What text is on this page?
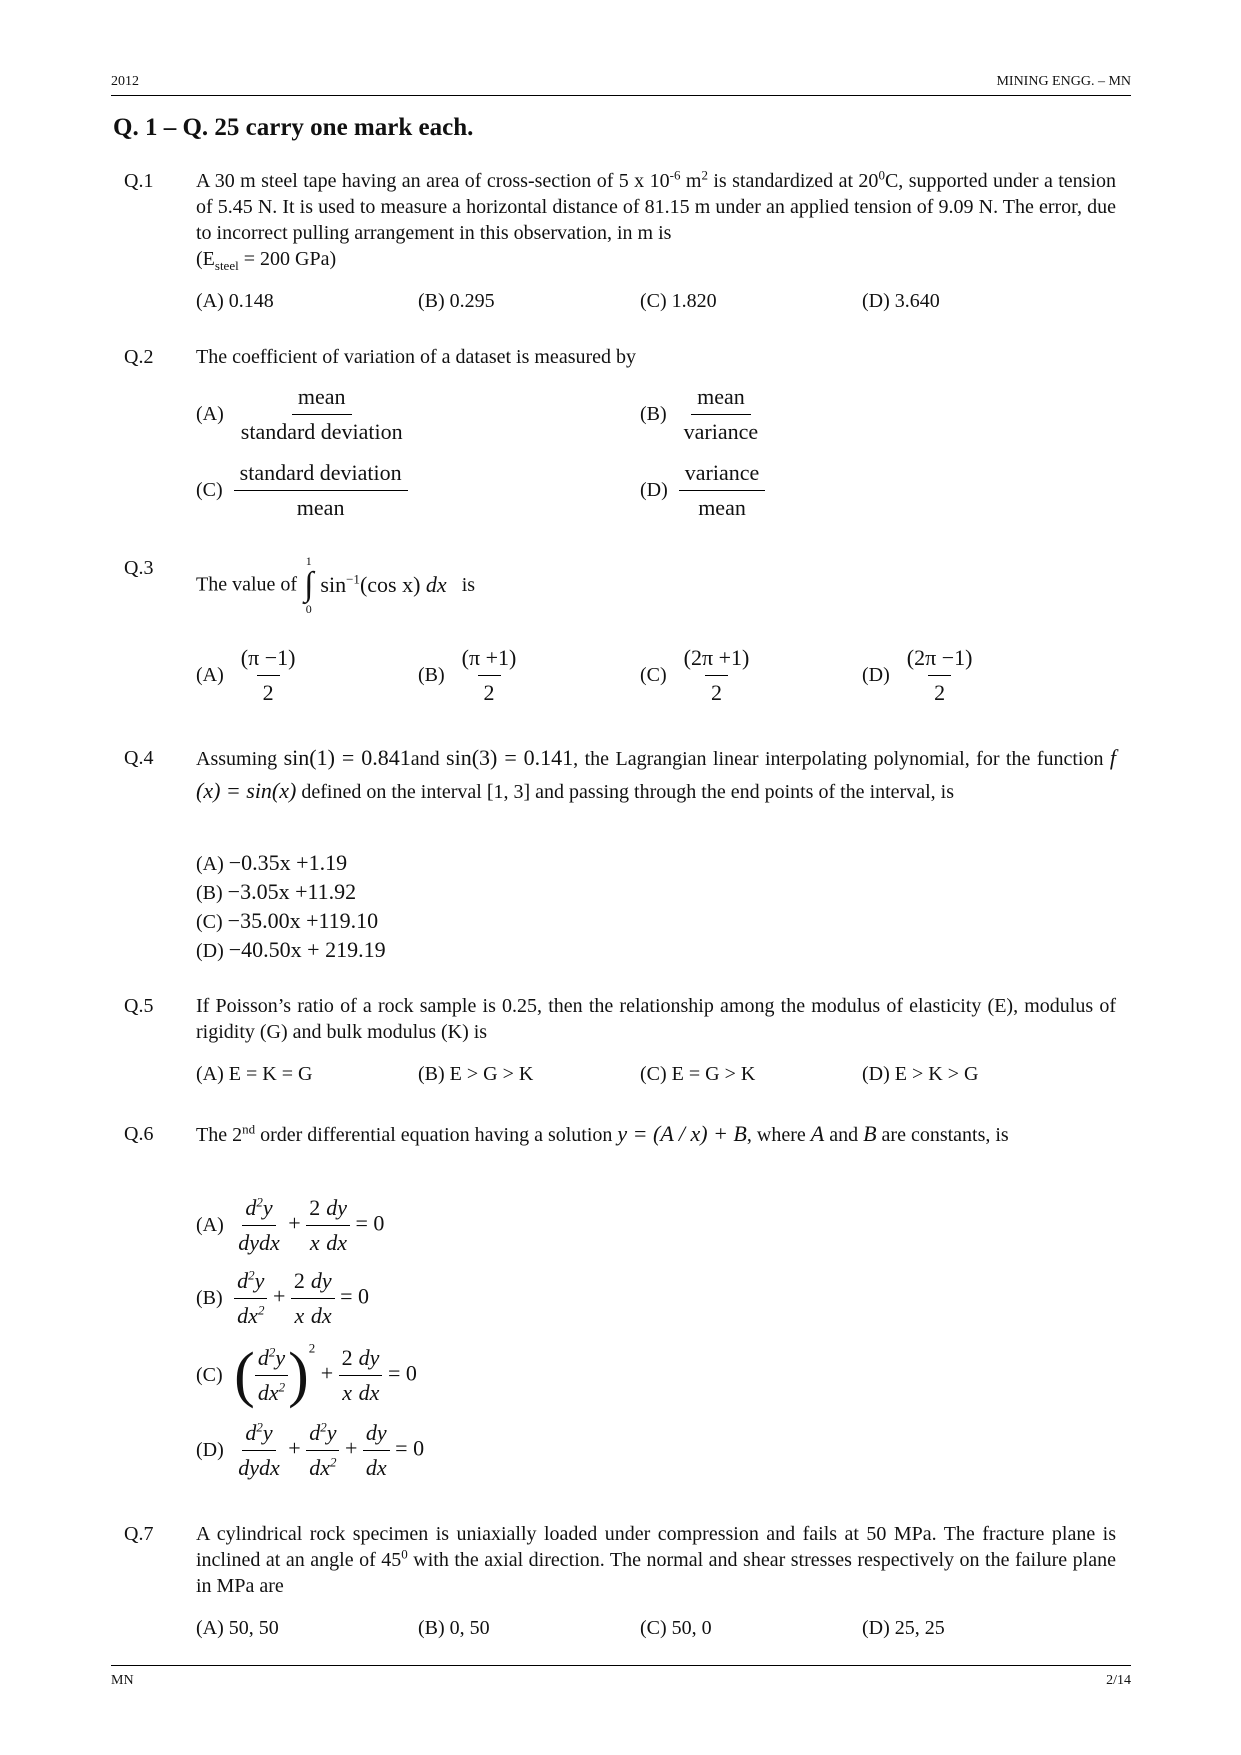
2012	MINING ENGG. – MN
Q. 1 – Q. 25 carry one mark each.
Q.1 A 30 m steel tape having an area of cross-section of 5 x $10^{-6}$ $m^2$ is standardized at $20^0C$, supported under a tension of 5.45 N. It is used to measure a horizontal distance of 81.15 m under an applied tension of 9.09 N. The error, due to incorrect pulling arrangement in this observation, in m is
($E_{steel} = 200$ GPa)
(A) 0.148	(B) 0.295	(C) 1.820	(D) 3.640
Q.2 The coefficient of variation of a dataset is measured by
$(A) \frac{\text{mean}}{\text{standard deviation}}$	$(B) \frac{\text{mean}}{\text{variance}}$
$(C) \frac{\text{standard deviation}}{\text{mean}}$	$(D) \frac{\text{variance}}{\text{mean}}$
Q.3
The value of
1
∫
0
$\sin^{-1}(\cos$ x) dx is
$(A) \frac{(\pi -1)}{2}$	$(B) \frac{(\pi +1)}{2}$	$(C) \frac{(2\pi +1)}{2}$	$(D) \frac{(2\pi -1)}{2}$
Q.4 Assuming sin(1) = 0.841and sin(3) = 0.141, the Lagrangian linear interpolating polynomial, for the function f (x) = sin(x) defined on the interval [1, 3] and passing through the end points of the interval, is
(A) −0.35x +1.19
(B) −3.05x +11.92
(C) −35.00x +119.10
(D) −40.50x + 219.19
Q.5 If Poisson’s ratio of a rock sample is 0.25, then the relationship among the modulus of elasticity (E), modulus of rigidity (G) and bulk modulus (K) is
(A) E = K = G	(B) E > G > K	(C) E = G > K	(D) E > K > G
Q.6 The 2nd order differential equation having a solution y = (A / x) + B, where A and B are constants, is
$(A) \frac{d^2y}{\text{dydx}} + \frac{2}{x} \frac{dy}{dx} = 0$
$(B) \frac{d^2y}{dx^2} + \frac{2}{x} \frac{dy}{dx} = 0$
(C) ( $\frac{d^2y}{dx^2} )^2 + \frac{2}{x} \frac{dy}{dx} = 0$
$(D) \frac{d^2y}{\text{dydx}} + \frac{d^2y}{dx^2} + \frac{dy}{dx} = 0$
Q.7 A cylindrical rock specimen is uniaxially loaded under compression and fails at 50 MPa. The fracture plane is inclined at an angle of $45^0$ with the axial direction. The normal and shear stresses respectively on the failure plane in MPa are
(A) 50, 50	(B) 0, 50	(C) 50, 0	(D) 25, 25
MN	2/14
